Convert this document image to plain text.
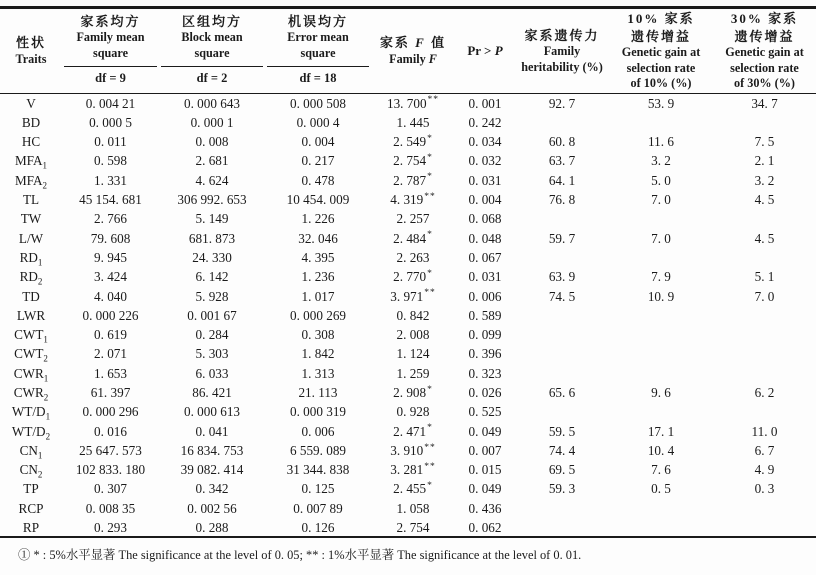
性状
Traits

家系均方
Family mean
square

区组均方
Block mean
square

机误均方
Error mean
square

家系 F 值
Family F

Pr > P

家系遗传力
Family
heritability (%)

10% 家系
遗传增益
Genetic gain at
selection rate
of 10% (%)

30% 家系
遗传增益
Genetic gain at
selection rate
of 30% (%)

	df = 9	df = 2	df = 18					

V	0. 004 21	0. 000 643	0. 000 508	13. 700**	0. 001	92. 7	53. 9	34. 7
BD	0. 000 5	0. 000 1	0. 000 4	1. 445	0. 242			
HC	0. 011	0. 008	0. 004	2. 549*	0. 034	60. 8	11. 6	7. 5
$MFA_1$	0. 598	2. 681	0. 217	2. 754*	0. 032	63. 7	3. 2	2. 1
$MFA_2$	1. 331	4. 624	0. 478	2. 787*	0. 031	64. 1	5. 0	3. 2
TL	45 154. 681	306 992. 653	10 454. 009	4. 319**	0. 004	76. 8	7. 0	4. 5
TW	2. 766	5. 149	1. 226	2. 257	0. 068			
L/W	79. 608	681. 873	32. 046	2. 484*	0. 048	59. 7	7. 0	4. 5
$RD_1$	9. 945	24. 330	4. 395	2. 263	0. 067			
$RD_2$	3. 424	6. 142	1. 236	2. 770*	0. 031	63. 9	7. 9	5. 1
TD	4. 040	5. 928	1. 017	3. 971**	0. 006	74. 5	10. 9	7. 0
LWR	0. 000 226	0. 001 67	0. 000 269	0. 842	0. 589			
$CWT_1$	0. 619	0. 284	0. 308	2. 008	0. 099			
$CWT_2$	2. 071	5. 303	1. 842	1. 124	0. 396			
$CWR_1$	1. 653	6. 033	1. 313	1. 259	0. 323			
$CWR_2$	61. 397	86. 421	21. 113	2. 908*	0. 026	65. 6	9. 6	6. 2
$WT/D_1$	0. 000 296	0. 000 613	0. 000 319	0. 928	0. 525			
$WT/D_2$	0. 016	0. 041	0. 006	2. 471*	0. 049	59. 5	17. 1	11. 0
$CN_1$	25 647. 573	16 834. 753	6 559. 089	3. 910**	0. 007	74. 4	10. 4	6. 7
$CN_2$	102 833. 180	39 082. 414	31 344. 838	3. 281**	0. 015	69. 5	7. 6	4. 9
TP	0. 307	0. 342	0. 125	2. 455*	0. 049	59. 3	0. 5	0. 3
RCP	0. 008 35	0. 002 56	0. 007 89	1. 058	0. 436			
RP	0. 293	0. 288	0. 126	2. 754	0. 062			
① * : 5%水平显著 The significance at the level of 0. 05; ** : 1%水平显著 The significance at the level of 0. 01.
